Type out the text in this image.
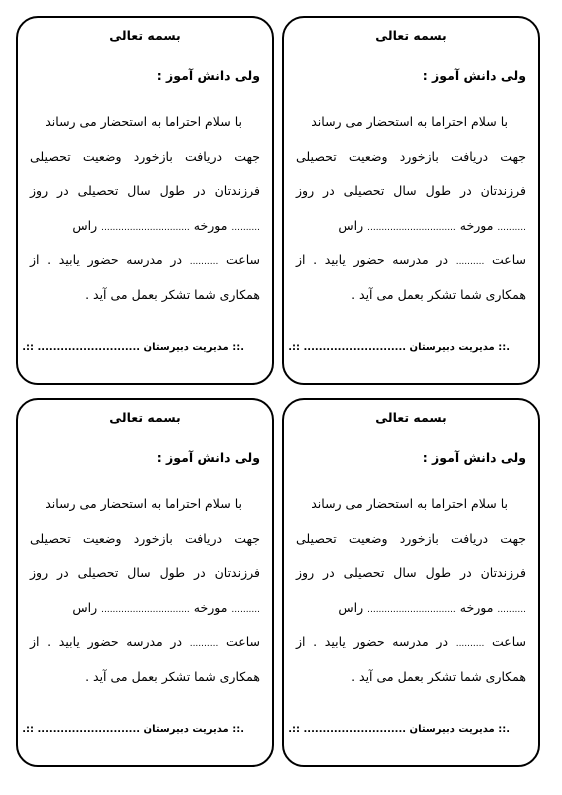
بسمه تعالی
ولی دانش آموز :
با سلام احتراما به استحضار می رساند
جهت دریافت بازخورد وضعیت تحصیلی
فرزندتان در طول سال تحصیلی در روز
.......... مورخه ............................... راس
ساعت .......... در مدرسه حضور یابید . از
همکاری شما تشکر بعمل می آید .
.:: مدیریت دبیرستان ........................... ::.
بسمه تعالی
ولی دانش آموز :
با سلام احتراما به استحضار می رساند
جهت دریافت بازخورد وضعیت تحصیلی
فرزندتان در طول سال تحصیلی در روز
.......... مورخه ............................... راس
ساعت .......... در مدرسه حضور یابید . از
همکاری شما تشکر بعمل می آید .
.:: مدیریت دبیرستان ........................... ::.
بسمه تعالی
ولی دانش آموز :
با سلام احتراما به استحضار می رساند
جهت دریافت بازخورد وضعیت تحصیلی
فرزندتان در طول سال تحصیلی در روز
.......... مورخه ............................... راس
ساعت .......... در مدرسه حضور یابید . از
همکاری شما تشکر بعمل می آید .
.:: مدیریت دبیرستان ........................... ::.
بسمه تعالی
ولی دانش آموز :
با سلام احتراما به استحضار می رساند
جهت دریافت بازخورد وضعیت تحصیلی
فرزندتان در طول سال تحصیلی در روز
.......... مورخه ............................... راس
ساعت .......... در مدرسه حضور یابید . از
همکاری شما تشکر بعمل می آید .
.:: مدیریت دبیرستان ........................... ::.
